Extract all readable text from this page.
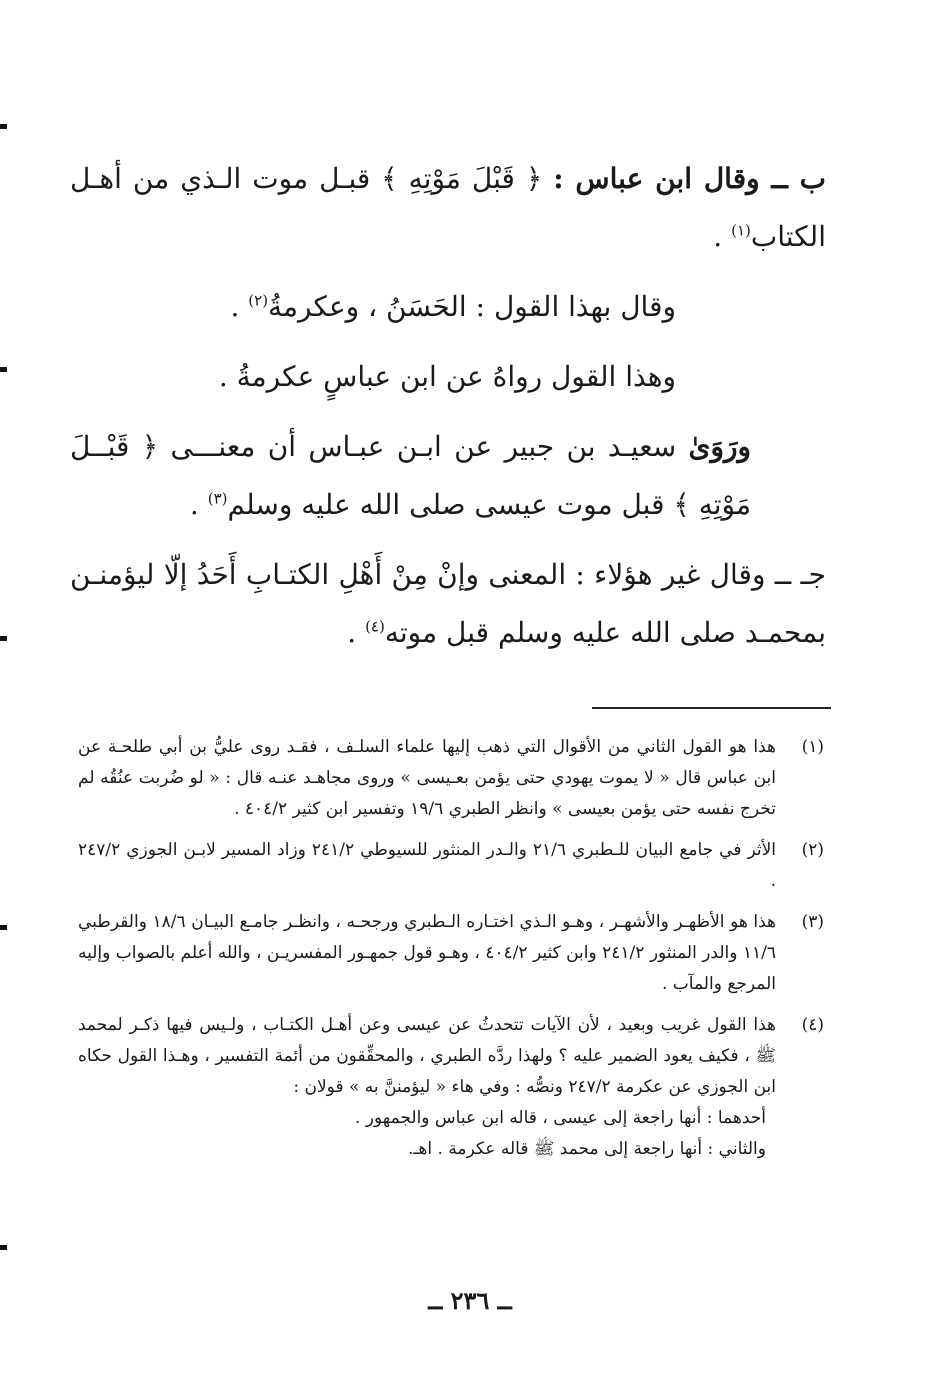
ب ــ وقال ابن عباس : ﴿ قَبْلَ مَوْتِهِ ﴾ قبـل موت الـذي من أهـل الكتاب$^{(١)}$ .

وقال بهذا القول : الحَسَنُ ، وعكرمةُ$^{(٢)}$ .

وهذا القول رواهُ عن ابن عباسٍ عكرمةُ .

ورَوَىٰ سعيـد بن جبير عن ابـن عبـاس أن معنـــى ﴿ قَبْــلَ مَوْتِهِ ﴾ قبل موت عيسى صلى الله عليه وسلم$^{(٣)}$ .

جـ ــ وقال غير هؤلاء : المعنى وإنْ مِنْ أَهْلِ الكتـابِ أَحَدُ إلّا ليؤمنـن بمحمـد صلى الله عليه وسلم قبل موته$^{(٤)}$ .

(١)
هذا هو القول الثاني من الأقوال التي ذهب إليها علماء السلـف ، فقـد روى عليُّ بن أبي طلحـة عن ابن عباس قال « لا يموت يهودي حتى يؤمن بعـيسى » وروى مجاهـد عنـه قال : « لو ضُربت عنُقُه لم تخرج نفسه حتى يؤمن بعيسى » وانظر الطبري ١٩/٦ وتفسير ابن كثير ٤٠٤/٢ .
(٢)
الأثر في جامع البيان للـطبري ٢١/٦ والـدر المنثور للسيوطي ٢٤١/٢ وزاد المسير لابـن الجوزي ٢٤٧/٢ .
(٣)
هذا هو الأظهـر والأشهـر ، وهـو الـذي اختـاره الـطبري ورجحـه ، وانظـر جامـع البيـان ١٨/٦ والقرطبي ١١/٦ والدر المنثور ٢٤١/٢ وابن كثير ٤٠٤/٢ ، وهـو قول جمهـور المفسريـن ، والله أعلم بالصواب وإليه المرجع والمآب .
(٤)
هذا القول غريب وبعيد ، لأن الآيات تتحدثُ عن عيسى وعن أهـل الكتـاب ، ولـيس فيها ذكـر لمحمد ﷺ ، فكيف يعود الضمير عليه ؟ ولهذا ردَّه الطبري ، والمحقِّقون من أئمة التفسير ، وهـذا القول حكاه ابن الجوزي عن عكرمة ٢٤٧/٢ ونصُّه : وفي هاء « ليؤمننَّ به » قولان :
أحدهما : أنها راجعة إلى عيسى ، قاله ابن عباس والجمهور .
والثاني : أنها راجعة إلى محمد ﷺ قاله عكرمة . اهـ.
ــ ٢٣٦ ــ
